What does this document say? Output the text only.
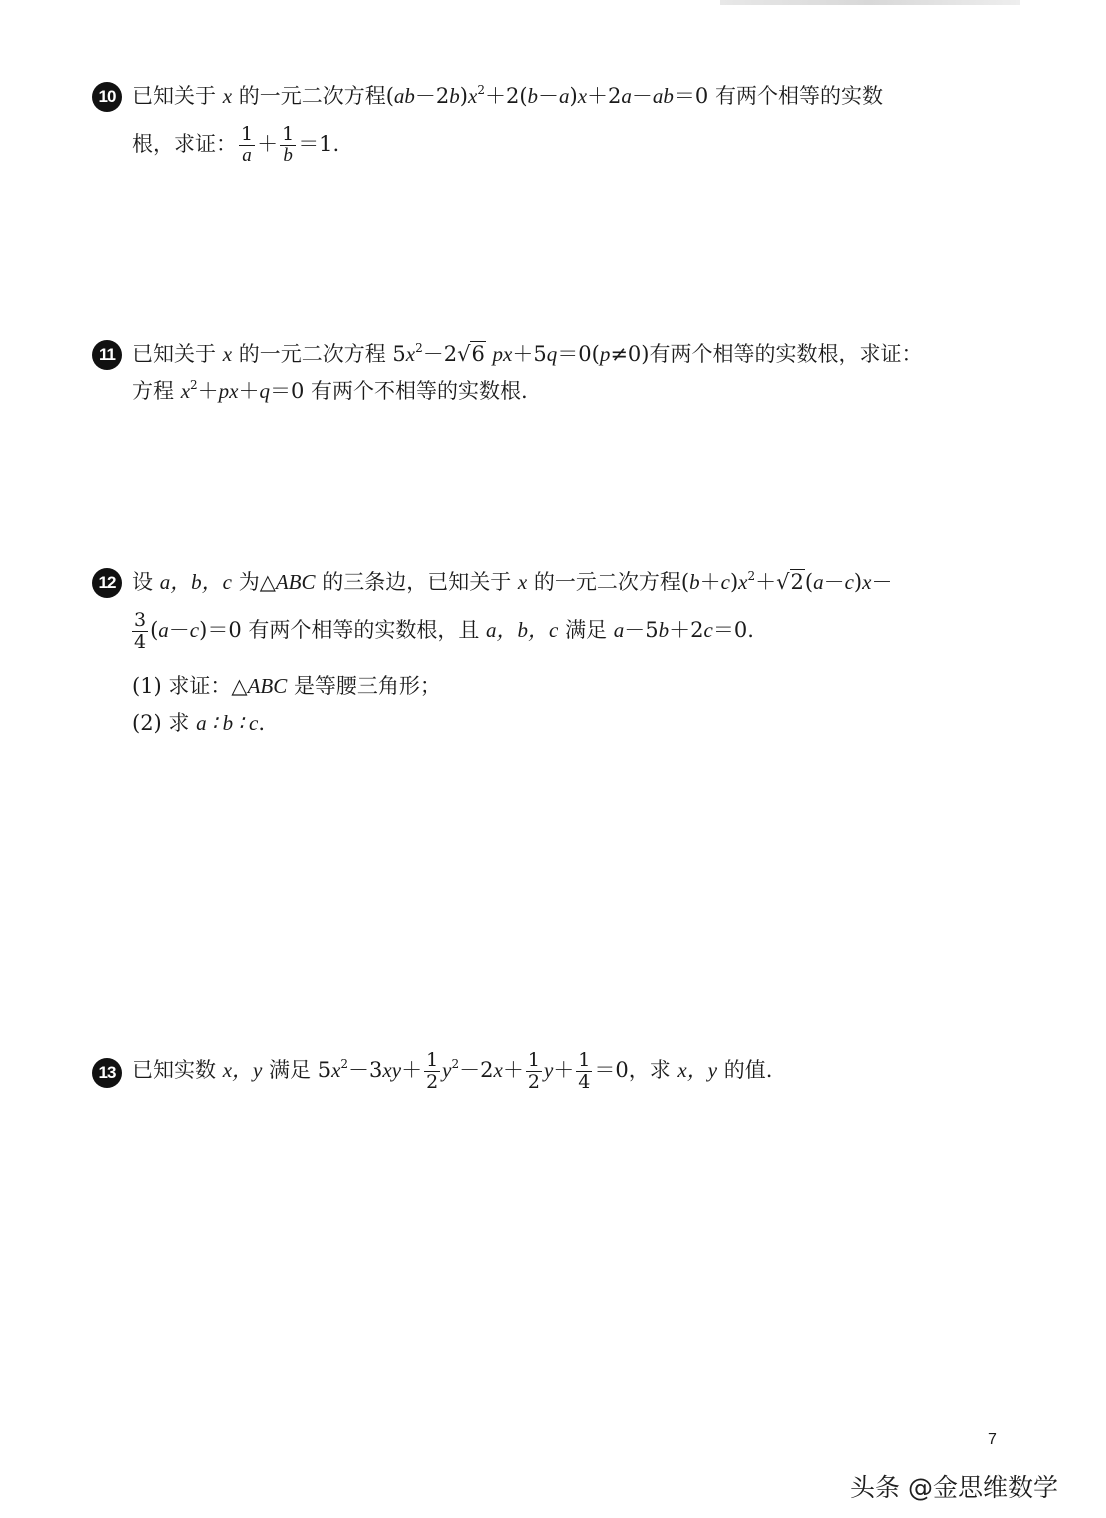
10 已知关于 x 的一元二次方程$(ab-2b)x^2+2(b-a)x+2a-ab=0$ 有两个相等的实数
根，求证： $\frac{1}{a} + \frac{1}{b} =1$.
11 已知关于 x 的一元二次方程 $5x^2-2√6$ px＋5q＝0(p≠0)有两个相等的实数根，求证：
方程 $x^2+px+q=0$ 有两个不相等的实数根.
12 设 a，b，c 为△ABC 的三条边，已知关于 x 的一元二次方程$(b+c)x^2+√2(a-c)x-$
$\frac{3}{4} (a-c)=0$ 有两个相等的实数根，且 a，b，c 满足 a－5b＋2c＝0.
(1) 求证：△ABC 是等腰三角形；
(2) 求 a ∶ b ∶ c.
13 已知实数 x，y 满足 $5x^2-3xy+ \frac{1}{2} y^2-2x+ \frac{1}{2} y+ \frac{1}{4} =0$，求 x，y 的值.
7
头条 @金思维数学
